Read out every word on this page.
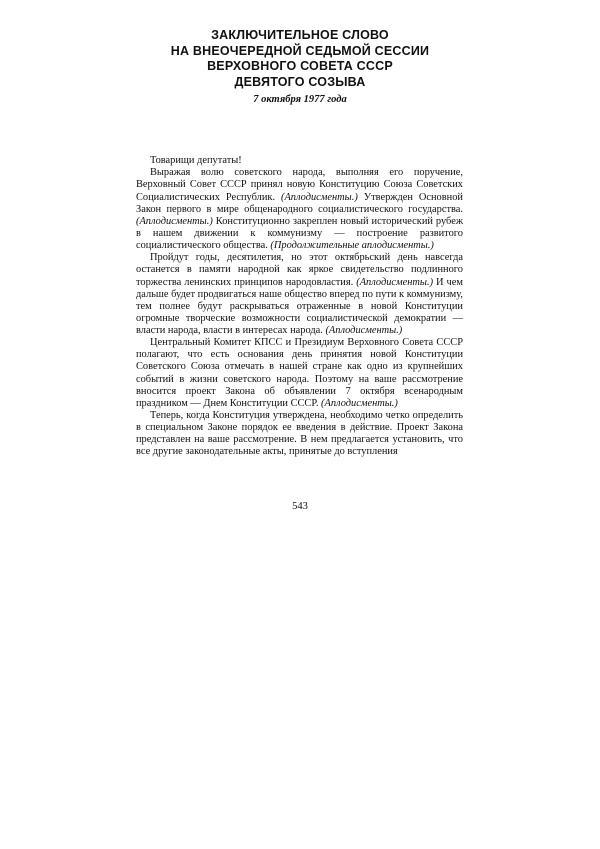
ЗАКЛЮЧИТЕЛЬНОЕ СЛОВО
НА ВНЕОЧЕРЕДНОЙ СЕДЬМОЙ СЕССИИ
ВЕРХОВНОГО СОВЕТА СССР
ДЕВЯТОГО СОЗЫВА
7 октября 1977 года

Товарищи депутаты!

Выражая волю советского народа, выполняя его поручение, Верховный Совет СССР принял новую Конституцию Союза Советских Социалистических Республик. (Аплодисменты.) Утвержден Основной Закон первого в мире общенародного социалистического государства. (Аплодисменты.) Конституционно закреплен новый исторический рубеж в нашем движении к коммунизму — построение развитого социалистического общества. (Продолжительные аплодисменты.)

Пройдут годы, десятилетия, но этот октябрьский день навсегда останется в памяти народной как яркое свидетельство подлинного торжества ленинских принципов народовластия. (Аплодисменты.) И чем дальше будет продвигаться наше общество вперед по пути к коммунизму, тем полнее будут раскрываться отраженные в новой Конституции огромные творческие возможности социалистической демократии — власти народа, власти в интересах народа. (Аплодисменты.)

Центральный Комитет КПСС и Президиум Верховного Совета СССР полагают, что есть основания день принятия новой Конституции Советского Союза отмечать в нашей стране как одно из крупнейших событий в жизни советского народа. Поэтому на ваше рассмотрение вносится проект Закона об объявлении 7 октября всенародным праздником — Днем Конституции СССР. (Аплодисменты.)

Теперь, когда Конституция утверждена, необходимо четко определить в специальном Законе порядок ее введения в действие. Проект Закона представлен на ваше рассмотрение. В нем предлагается установить, что все другие законодательные акты, принятые до вступления

543
